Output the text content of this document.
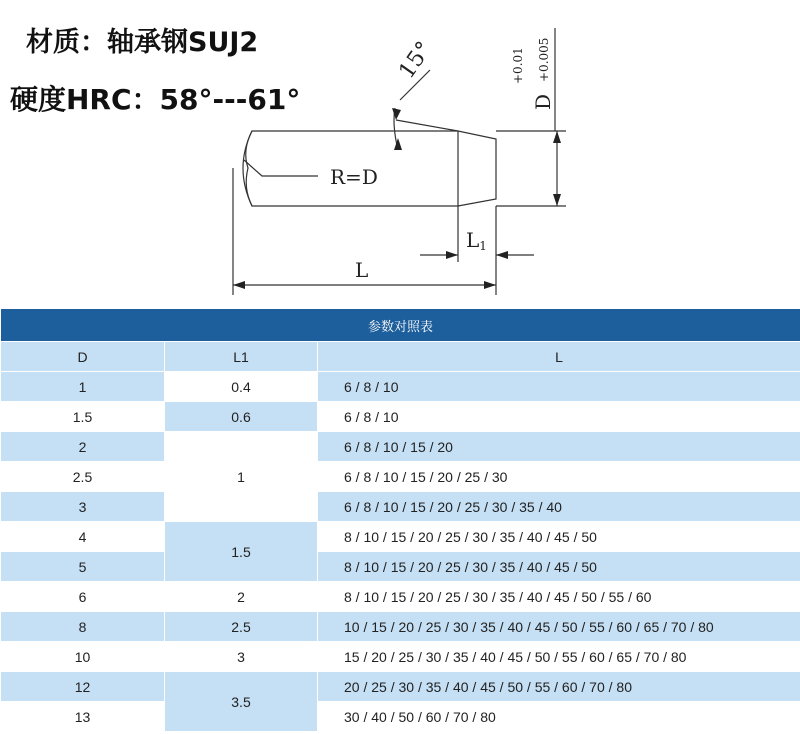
材质：轴承钢SUJ2
硬度HRC：58°---61°
15°
R=D
D
+0.01 +0.005
L1
L
参数对照表		
D	L1	L
1	0.4	6 / 8 / 10
1.5	0.6	6 / 8 / 10
2	1	6 / 8 / 10 / 15 / 20
2.5		6 / 8 / 10 / 15 / 20 / 25 / 30
3		6 / 8 / 10 / 15 / 20 / 25 / 30 / 35 / 40
4	1.5	8 / 10 / 15 / 20 / 25 / 30 / 35 / 40 / 45 / 50
5		8 / 10 / 15 / 20 / 25 / 30 / 35 / 40 / 45 / 50
6	2	8 / 10 / 15 / 20 / 25 / 30 / 35 / 40 / 45 / 50 / 55 / 60
8	2.5	10 / 15 / 20 / 25 / 30 / 35 / 40 / 45 / 50 / 55 / 60 / 65 / 70 / 80
10	3	15 / 20 / 25 / 30 / 35 / 40 / 45 / 50 / 55 / 60 / 65 / 70 / 80
12	3.5	20 / 25 / 30 / 35 / 40 / 45 / 50 / 55 / 60 / 70 / 80
13		30 / 40 / 50 / 60 / 70 / 80
